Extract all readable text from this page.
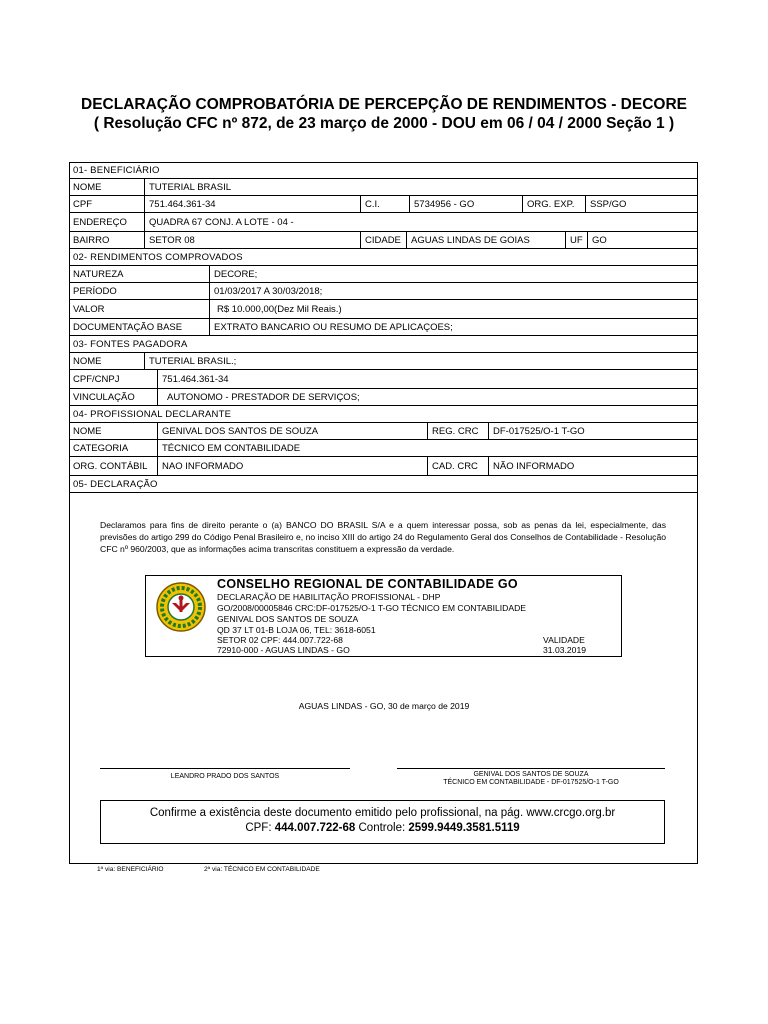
DECLARAÇÃO COMPROBATÓRIA DE PERCEPÇÃO DE RENDIMENTOS - DECORE
( Resolução CFC nº 872, de 23 março de 2000 - DOU em 06 / 04 / 2000 Seção 1 )
01- BENEFICIÁRIO
NOME	TUTERIAL BRASIL
CPF	751.464.361-34	C.I.	5734956 - GO	ORG. EXP.	SSP/GO
ENDEREÇO	QUADRA 67 CONJ. A LOTE - 04 -
BAIRRO	SETOR 08	CIDADE	AGUAS LINDAS DE GOIAS	UF GO
02- RENDIMENTOS COMPROVADOS
NATUREZA	DECORE;
PERÍODO	01/03/2017 A 30/03/2018;
VALOR	R$ 10.000,00(Dez Mil Reais.)
DOCUMENTAÇÃO BASE	EXTRATO BANCARIO OU RESUMO DE APLICAÇOES;
03- FONTES PAGADORA
NOME	TUTERIAL BRASIL.;
CPF/CNPJ	751.464.361-34
VINCULAÇÃO	AUTONOMO - PRESTADOR DE SERVIÇOS;
04- PROFISSIONAL DECLARANTE
NOME	GENIVAL DOS SANTOS DE SOUZA	REG. CRC	DF-017525/O-1 T-GO
CATEGORIA	TÉCNICO EM CONTABILIDADE
ORG. CONTÁBIL	NAO INFORMADO	CAD. CRC	NÃO INFORMADO
05- DECLARAÇÃO
Declaramos para fins de direito perante o (a) BANCO DO BRASIL S/A e a quem interessar possa, sob as penas da lei, especialmente, das previsões do artigo 299 do Código Penal Brasileiro e, no inciso XIII do artigo 24 do Regulamento Geral dos Conselhos de Contabilidade - Resolução CFC nº 960/2003, que as informações acima transcritas constituem a expressão da verdade.
CONSELHO REGIONAL DE CONTABILIDADE GO
DECLARAÇÃO DE HABILITAÇÃO PROFISSIONAL - DHP
GO/2008/00005846 CRC:DF-017525/O-1 T-GO TÉCNICO EM CONTABILIDADE
GENIVAL DOS SANTOS DE SOUZA
QD 37 LT 01-B LOJA 06, TEL: 3618-6051
SETOR 02 CPF: 444.007.722-68
72910-000 - AGUAS LINDAS - GO
VALIDADE
31.03.2019
AGUAS LINDAS - GO, 30 de março de 2019
LEANDRO PRADO DOS SANTOS	GENIVAL DOS SANTOS DE SOUZA
TÉCNICO EM CONTABILIDADE - DF-017525/O-1 T-GO
Confirme a existência deste documento emitido pelo profissional, na pág. www.crcgo.org.br
CPF: 444.007.722-68 Controle: 2599.9449.3581.5119
1ª via: BENEFICIÁRIO	2ª via: TÉCNICO EM CONTABILIDADE
